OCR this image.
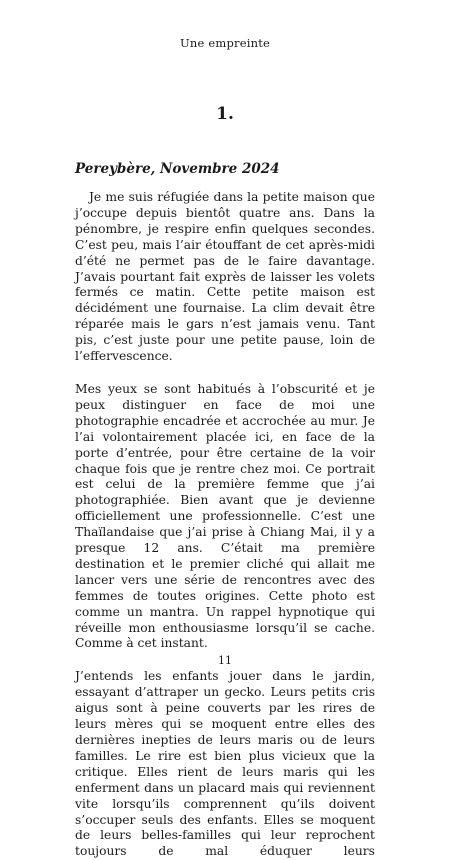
Une empreinte
1.
Pereybère, Novembre 2024

Je me suis réfugiée dans la petite maison que j’occupe depuis bientôt quatre ans. Dans la pénombre, je respire enfin quelques secondes. C’est peu, mais l’air étouffant de cet après-midi d’été ne permet pas de le faire davantage. J’avais pourtant fait exprès de laisser les volets fermés ce matin. Cette petite maison est décidément une fournaise. La clim devait être réparée mais le gars n’est jamais venu. Tant pis, c’est juste pour une petite pause, loin de l’effervescence.

Mes yeux se sont habitués à l’obscurité et je peux distinguer en face de moi une photographie encadrée et accrochée au mur. Je l’ai volontairement placée ici, en face de la porte d’entrée, pour être certaine de la voir chaque fois que je rentre chez moi. Ce portrait est celui de la première femme que j’ai photographiée. Bien avant que je devienne officiellement une professionnelle. C’est une Thaïlandaise que j’ai prise à Chiang Mai, il y a presque 12 ans. C’était ma première destination et le premier cliché qui allait me lancer vers une série de rencontres avec des femmes de toutes origines. Cette photo est comme un mantra. Un rappel hypnotique qui réveille mon enthousiasme lorsqu’il se cache. Comme à cet instant.

J’entends les enfants jouer dans le jardin, essayant d’attraper un gecko. Leurs petits cris aigus sont à peine couverts par les rires de leurs mères qui se moquent entre elles des dernières inepties de leurs maris ou de leurs familles. Le rire est bien plus vicieux que la critique. Elles rient de leurs maris qui les enferment dans un placard mais qui reviennent vite lorsqu’ils comprennent qu’ils doivent s’occuper seuls des enfants. Elles se moquent de leurs belles-familles qui leur reprochent toujours de mal éduquer leurs

11
